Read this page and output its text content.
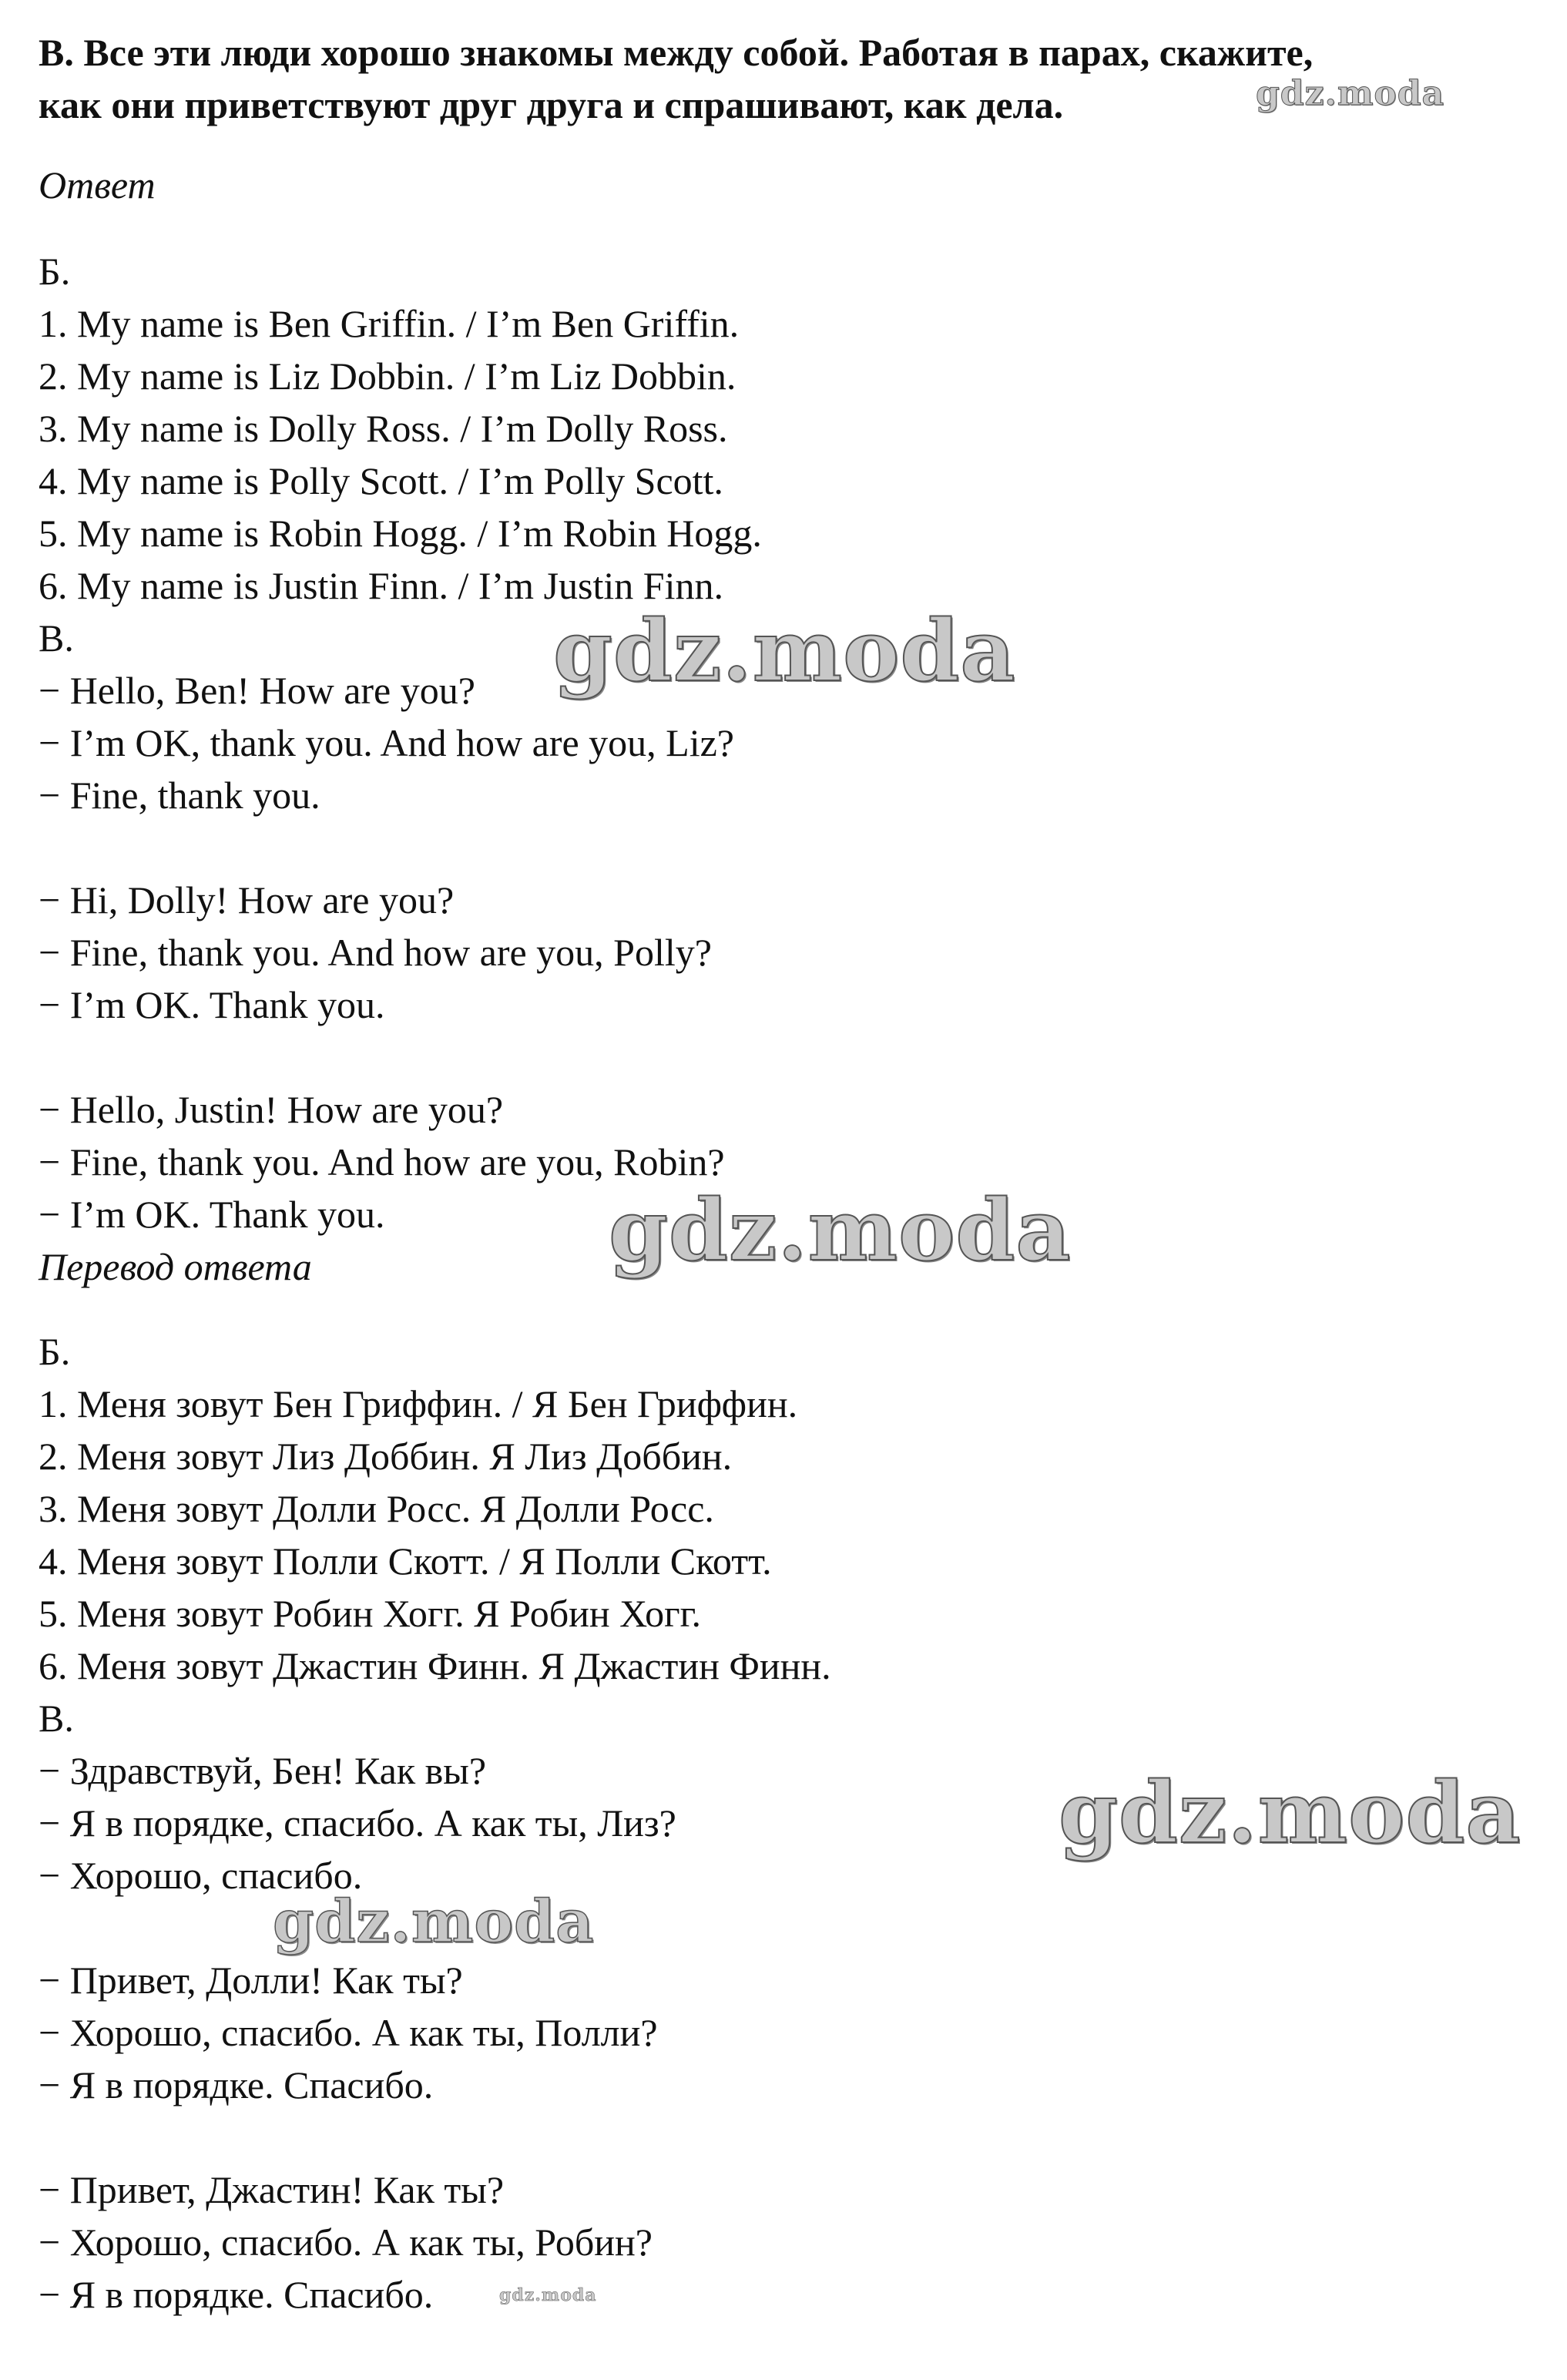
В. Все эти люди хорошо знакомы между собой. Работая в парах, скажите,
как они приветствуют друг друга и спрашивают, как дела.
Ответ
Б.
1. My name is Ben Griffin. / I’m Ben Griffin.
2. My name is Liz Dobbin. / I’m Liz Dobbin.
3. My name is Dolly Ross. / I’m Dolly Ross.
4. My name is Polly Scott. / I’m Polly Scott.
5. My name is Robin Hogg. / I’m Robin Hogg.
6. My name is Justin Finn. / I’m Justin Finn.
В.
− Hello, Ben! How are you?
− I’m OK, thank you. And how are you, Liz?
− Fine, thank you.
− Hi, Dolly! How are you?
− Fine, thank you. And how are you, Polly?
− I’m OK. Thank you.
− Hello, Justin! How are you?
− Fine, thank you. And how are you, Robin?
− I’m OK. Thank you.
Перевод ответа
Б.
1. Меня зовут Бен Гриффин. / Я Бен Гриффин.
2. Меня зовут Лиз Доббин. Я Лиз Доббин.
3. Меня зовут Долли Росс. Я Долли Росс.
4. Меня зовут Полли Скотт. / Я Полли Скотт.
5. Меня зовут Робин Хогг. Я Робин Хогг.
6. Меня зовут Джастин Финн. Я Джастин Финн.
В.
− Здравствуй, Бен! Как вы?
− Я в порядке, спасибо. А как ты, Лиз?
− Хорошо, спасибо.
− Привет, Долли! Как ты?
− Хорошо, спасибо. А как ты, Полли?
− Я в порядке. Спасибо.
− Привет, Джастин! Как ты?
− Хорошо, спасибо. А как ты, Робин?
− Я в порядке. Спасибо.
gdz.moda
gdz.moda
gdz.moda
gdz.moda
gdz.moda
gdz.moda
